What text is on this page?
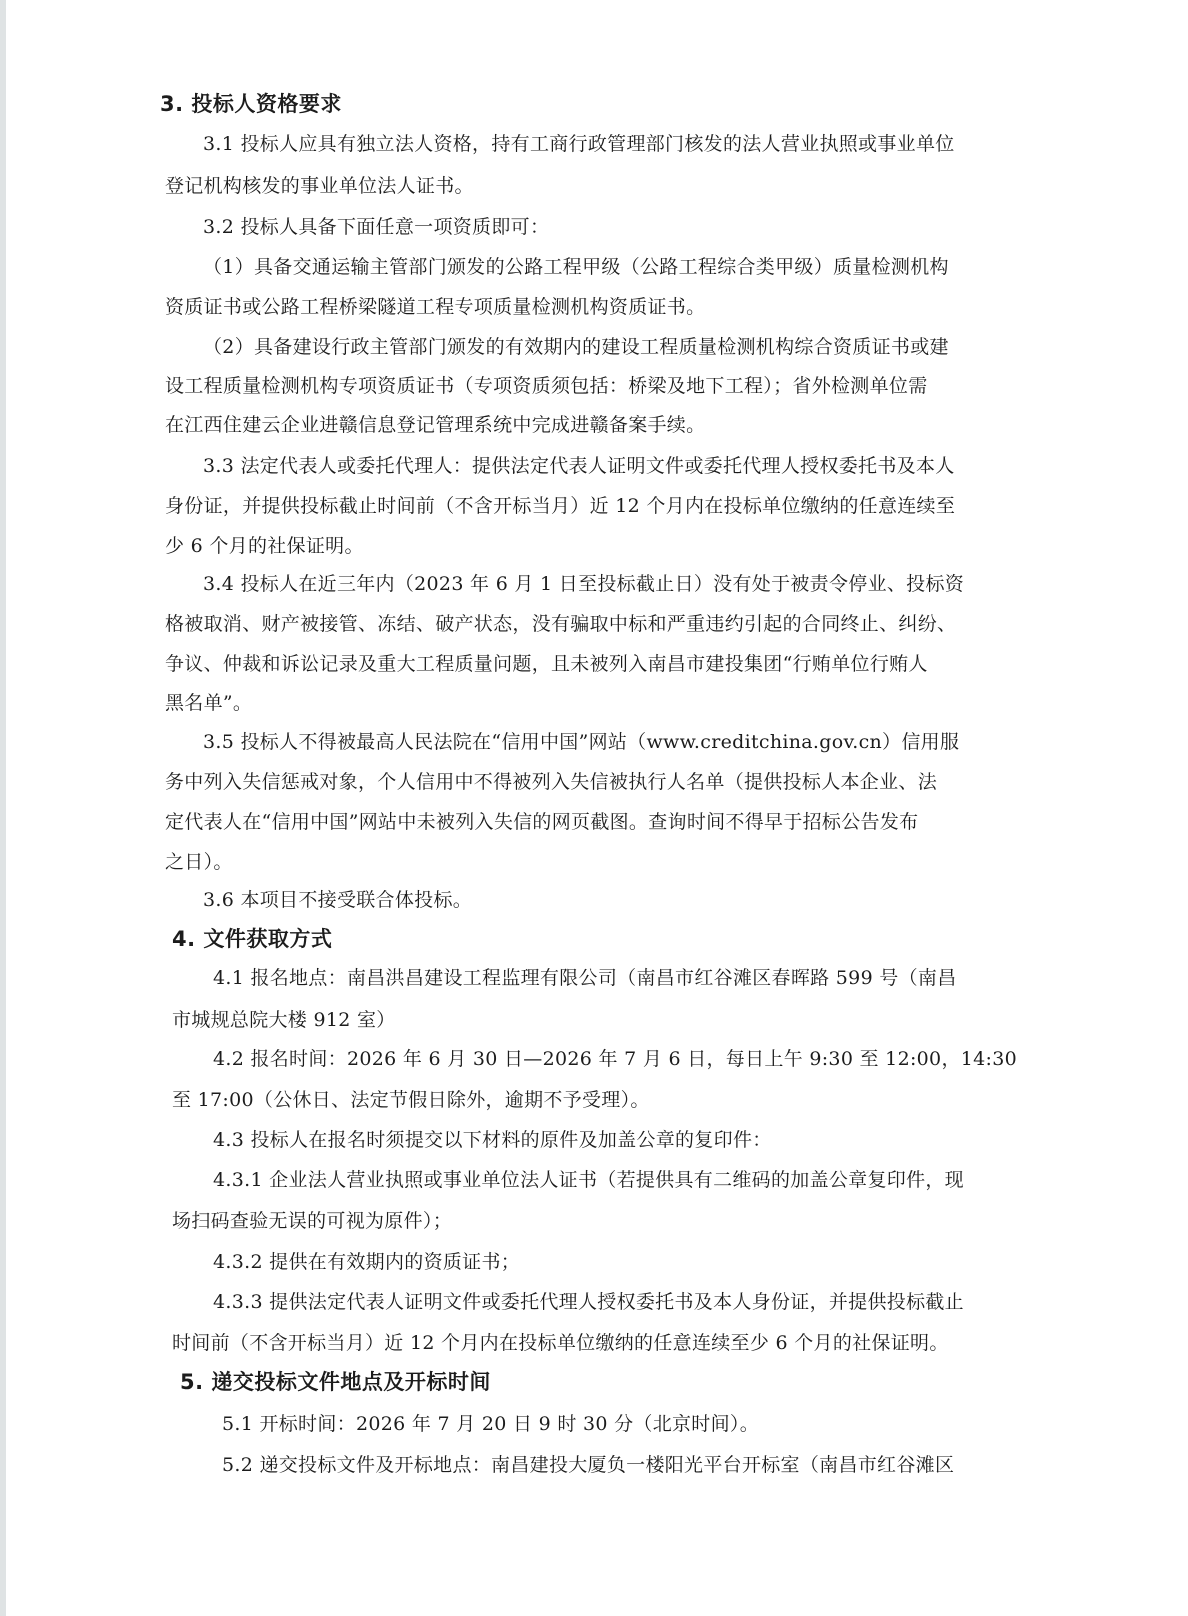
3. 投标人资格要求
3.1 投标人应具有独立法人资格，持有工商行政管理部门核发的法人营业执照或事业单位
登记机构核发的事业单位法人证书。
3.2 投标人具备下面任意一项资质即可：
（1）具备交通运输主管部门颁发的公路工程甲级（公路工程综合类甲级）质量检测机构
资质证书或公路工程桥梁隧道工程专项质量检测机构资质证书。
（2）具备建设行政主管部门颁发的有效期内的建设工程质量检测机构综合资质证书或建
设工程质量检测机构专项资质证书（专项资质须包括：桥梁及地下工程）；省外检测单位需
在江西住建云企业进赣信息登记管理系统中完成进赣备案手续。
3.3 法定代表人或委托代理人：提供法定代表人证明文件或委托代理人授权委托书及本人
身份证，并提供投标截止时间前（不含开标当月）近 12 个月内在投标单位缴纳的任意连续至
少 6 个月的社保证明。
3.4 投标人在近三年内（2023 年 6 月 1 日至投标截止日）没有处于被责令停业、投标资
格被取消、财产被接管、冻结、破产状态，没有骗取中标和严重违约引起的合同终止、纠纷、
争议、仲裁和诉讼记录及重大工程质量问题，且未被列入南昌市建投集团“行贿单位行贿人
黑名单”。
3.5 投标人不得被最高人民法院在“信用中国”网站（www.creditchina.gov.cn）信用服
务中列入失信惩戒对象，个人信用中不得被列入失信被执行人名单（提供投标人本企业、法
定代表人在“信用中国”网站中未被列入失信的网页截图。查询时间不得早于招标公告发布
之日）。
3.6 本项目不接受联合体投标。
4. 文件获取方式
4.1 报名地点：南昌洪昌建设工程监理有限公司（南昌市红谷滩区春晖路 599 号（南昌
市城规总院大楼 912 室）
4.2 报名时间：2026 年 6 月 30 日—2026 年 7 月 6 日，每日上午 9:30 至 12:00，14:30
至 17:00（公休日、法定节假日除外，逾期不予受理）。
4.3 投标人在报名时须提交以下材料的原件及加盖公章的复印件：
4.3.1 企业法人营业执照或事业单位法人证书（若提供具有二维码的加盖公章复印件，现
场扫码查验无误的可视为原件）；
4.3.2 提供在有效期内的资质证书；
4.3.3 提供法定代表人证明文件或委托代理人授权委托书及本人身份证，并提供投标截止
时间前（不含开标当月）近 12 个月内在投标单位缴纳的任意连续至少 6 个月的社保证明。
5. 递交投标文件地点及开标时间
5.1 开标时间：2026 年 7 月 20 日 9 时 30 分（北京时间）。
5.2 递交投标文件及开标地点：南昌建投大厦负一楼阳光平台开标室（南昌市红谷滩区
